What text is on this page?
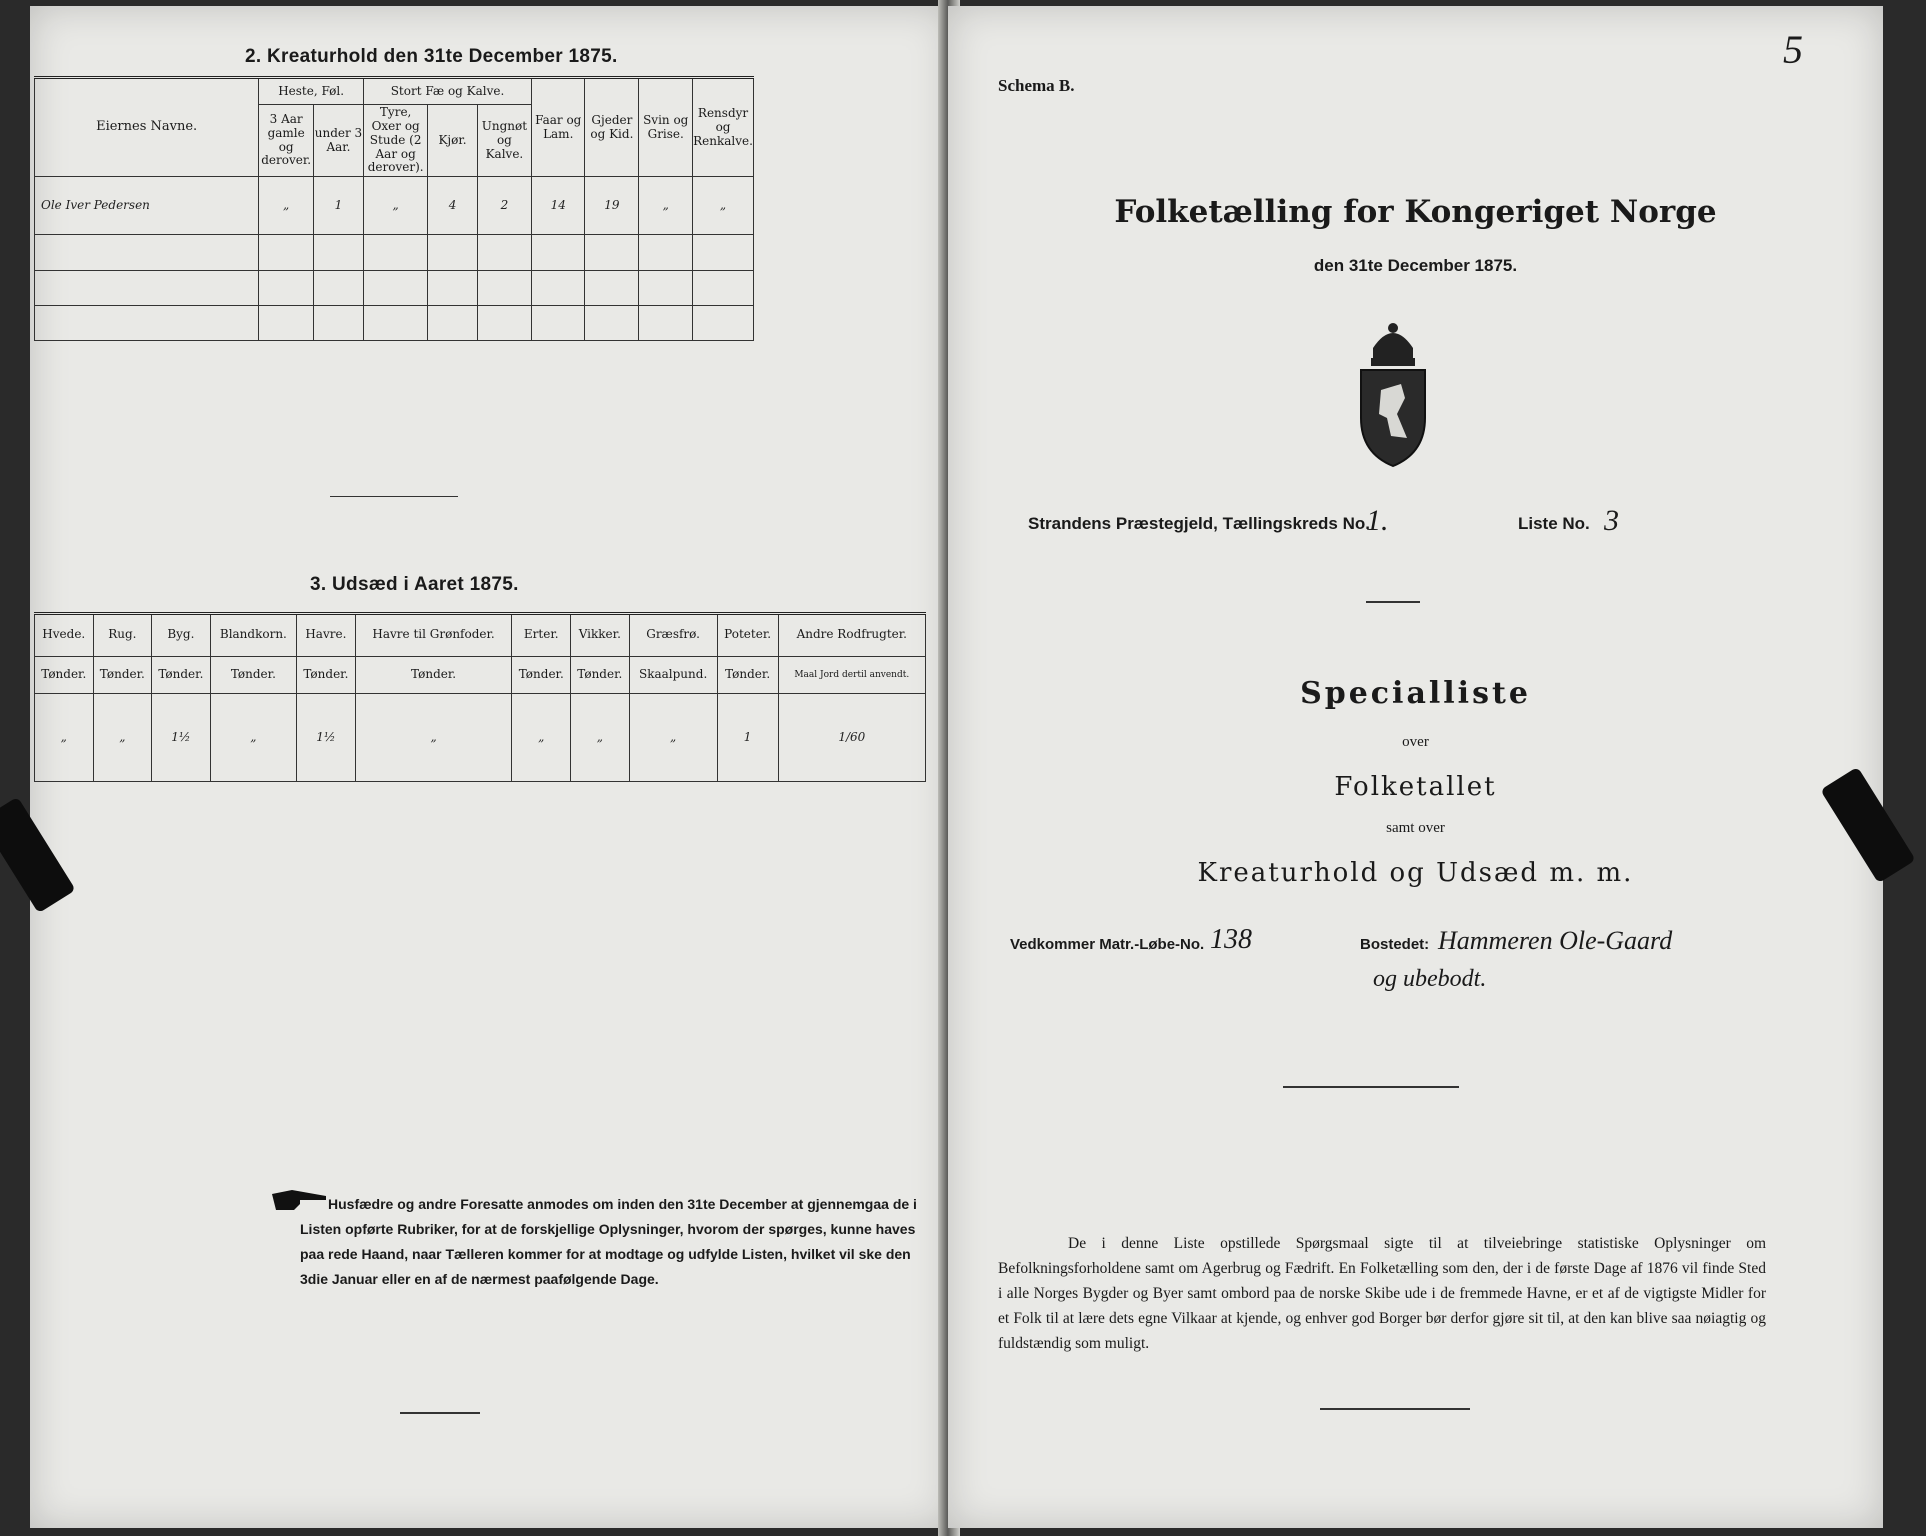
2. Kreaturhold den 31te December 1875.
Eiernes Navne.	Heste, Føl.		Stort Fæ og Kalve.			Faar og Lam.	Gjeder og Kid.	Svin og Grise.	Rensdyr og Renkalve.
	3 Aar gamle og derover.	under 3 Aar.	Tyre, Oxer og Stude (2 Aar og derover).	Kjør.	Ungnøt og Kalve.				
Ole Iver Pedersen	„	1	„	4	2	14	19	„	„

3. Udsæd i Aaret 1875.
Hvede.	Rug.	Byg.	Blandkorn.	Havre.	Havre til Grønfoder.	Erter.	Vikker.	Græsfrø.	Poteter.	Andre Rodfrugter.
Tønder.	Tønder.	Tønder.	Tønder.	Tønder.	Tønder.	Tønder.	Tønder.	Skaalpund.	Tønder.	Maal Jord dertil anvendt.
„	„	1½	„	1½	„	„	„	„	1	1/60
Husfædre og andre Foresatte anmodes om inden den 31te December at gjennemgaa de i Listen opførte Rubriker, for at de forskjellige Oplysninger, hvorom der spørges, kunne haves paa rede Haand, naar Tælleren kommer for at modtage og udfylde Listen, hvilket vil ske den 3die Januar eller en af de nærmest paafølgende Dage.
5
Schema B.
Folketælling for Kongeriget Norge
den 31te December 1875.
Strandens Præstegjeld, Tællingskreds No.
1.	Liste No. 3
Specialliste
over
Folketallet
samt over
Kreaturhold og Udsæd m. m.
Vedkommer Matr.-Løbe-No. 138	Bostedet: Hammeren Ole-Gaard
og ubebodt.
De i denne Liste opstillede Spørgsmaal sigte til at tilveiebringe statistiske Oplysninger om Befolkningsforholdene samt om Agerbrug og Fædrift. En Folketælling som den, der i de første Dage af 1876 vil finde Sted i alle Norges Bygder og Byer samt ombord paa de norske Skibe ude i de fremmede Havne, er et af de vigtigste Midler for et Folk til at lære dets egne Vilkaar at kjende, og enhver god Borger bør derfor gjøre sit til, at den kan blive saa nøiagtig og fuldstændig som muligt.
